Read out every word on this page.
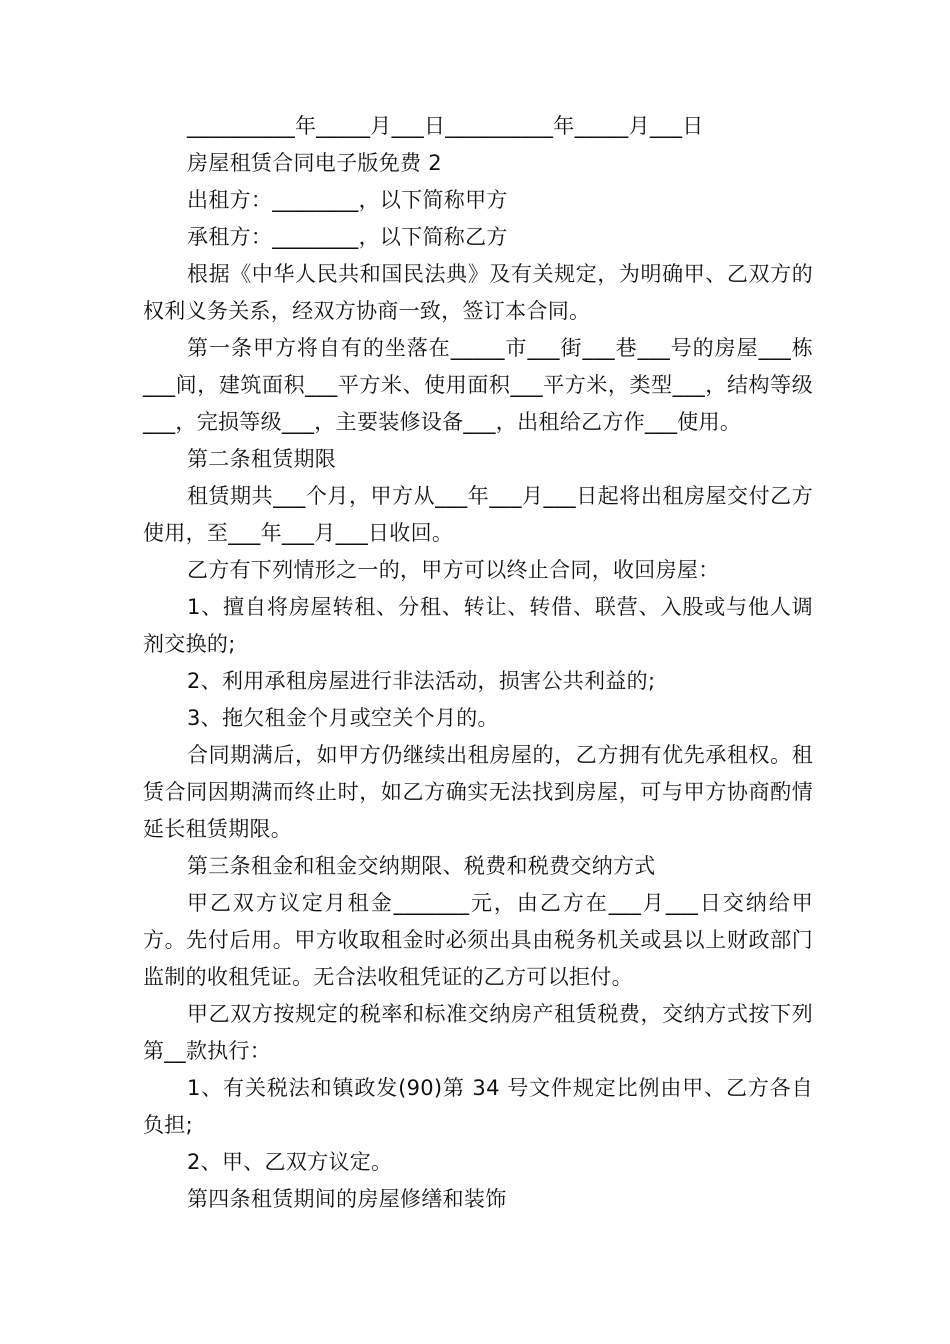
__________年_____月___日__________年_____月___日

房屋租赁合同电子版免费 2

出租方：________，以下简称甲方

承租方：________，以下简称乙方

根据《中华人民共和国民法典》及有关规定，为明确甲、乙双方的权利义务关系，经双方协商一致，签订本合同。

第一条甲方将自有的坐落在_____市___街___巷___号的房屋___栋___间，建筑面积___平方米、使用面积___平方米，类型___，结构等级___，完损等级___，主要装修设备___，出租给乙方作___使用。

第二条租赁期限

租赁期共___个月，甲方从___年___月___日起将出租房屋交付乙方使用，至___年___月___日收回。

乙方有下列情形之一的，甲方可以终止合同，收回房屋：

1、擅自将房屋转租、分租、转让、转借、联营、入股或与他人调剂交换的;

2、利用承租房屋进行非法活动，损害公共利益的;

3、拖欠租金个月或空关个月的。

合同期满后，如甲方仍继续出租房屋的，乙方拥有优先承租权。租赁合同因期满而终止时，如乙方确实无法找到房屋，可与甲方协商酌情延长租赁期限。

第三条租金和租金交纳期限、税费和税费交纳方式

甲乙双方议定月租金_______元，由乙方在___月___日交纳给甲方。先付后用。甲方收取租金时必须出具由税务机关或县以上财政部门监制的收租凭证。无合法收租凭证的乙方可以拒付。

甲乙双方按规定的税率和标准交纳房产租赁税费，交纳方式按下列第__款执行：

1、有关税法和镇政发(90)第 34 号文件规定比例由甲、乙方各自负担;

2、甲、乙双方议定。

第四条租赁期间的房屋修缮和装饰
